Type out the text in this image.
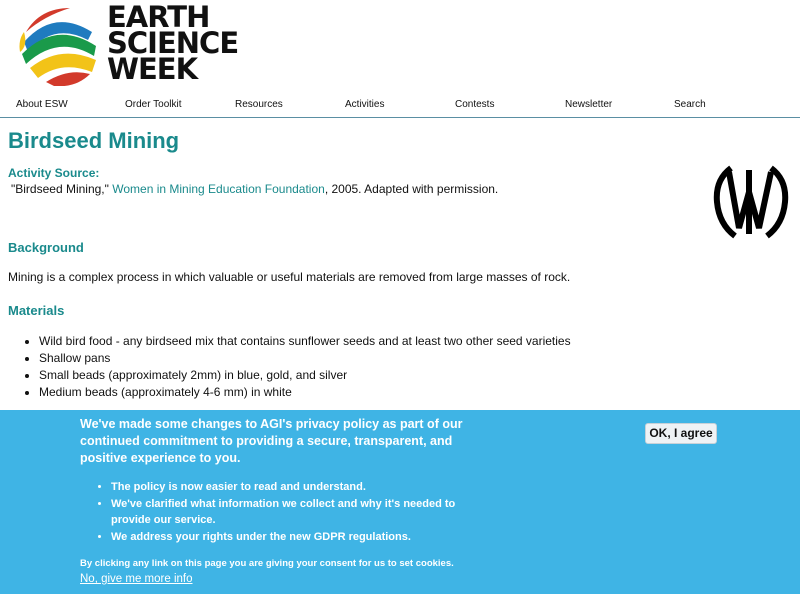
EARTH
SCIENCE
WEEK
About ESW	Order Toolkit	Resources	Activities	Contests	Newsletter	Search
Birdseed Mining
Activity Source:
"Birdseed Mining," Women in Mining Education Foundation, 2005. Adapted with permission.
Background

Mining is a complex process in which valuable or useful materials are removed from large masses of rock.

Materials
• Wild bird food - any birdseed mix that contains sunflower seeds and at least two other seed varieties
• Shallow pans
• Small beads (approximately 2mm) in blue, gold, and silver
• Medium beads (approximately 4-6 mm) in white
We've made some changes to AGI's privacy policy as part of our continued commitment to providing a secure, transparent, and positive experience to you.
• The policy is now easier to read and understand.
• We've clarified what information we collect and why it's needed to provide our service.
• We address your rights under the new GDPR regulations.
By clicking any link on this page you are giving your consent for us to set cookies.
No, give me more info
OK, I agree
